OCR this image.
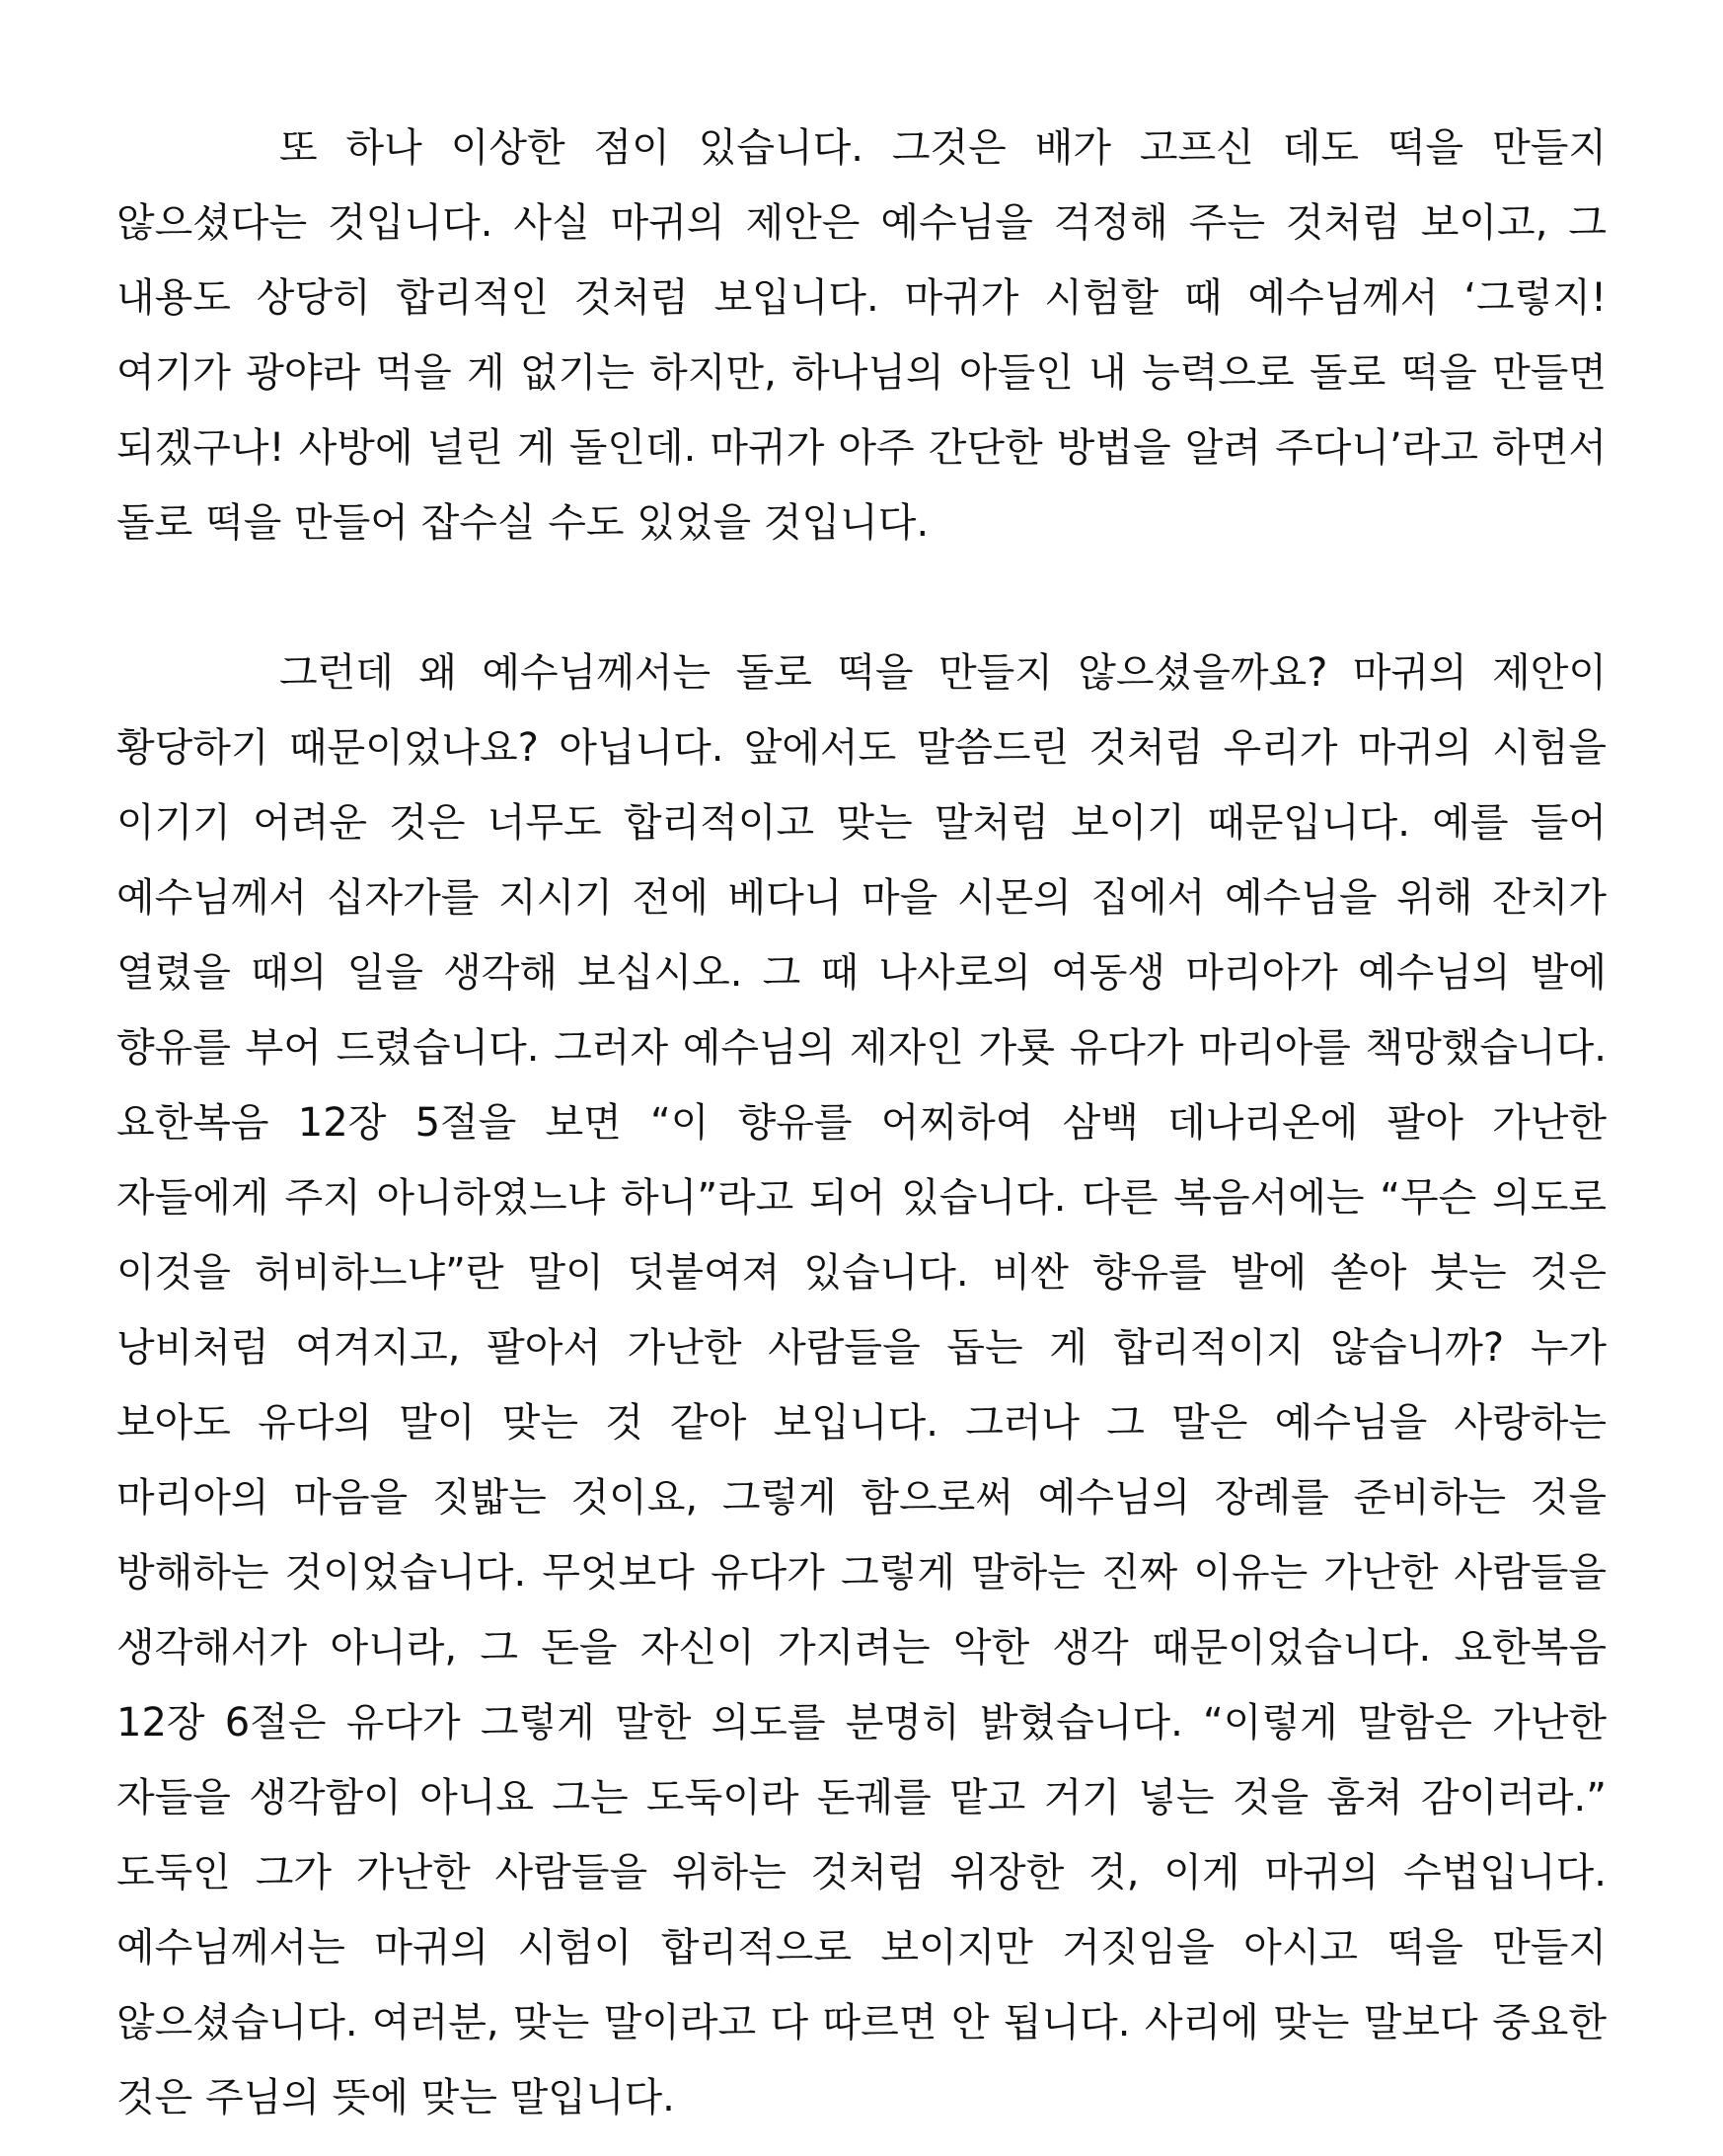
또 하나 이상한 점이 있습니다. 그것은 배가 고프신 데도 떡을 만들지 않으셨다는 것입니다. 사실 마귀의 제안은 예수님을 걱정해 주는 것처럼 보이고, 그 내용도 상당히 합리적인 것처럼 보입니다. 마귀가 시험할 때 예수님께서 ‘그렇지! 여기가 광야라 먹을 게 없기는 하지만, 하나님의 아들인 내 능력으로 돌로 떡을 만들면 되겠구나! 사방에 널린 게 돌인데. 마귀가 아주 간단한 방법을 알려 주다니’라고 하면서 돌로 떡을 만들어 잡수실 수도 있었을 것입니다.

그런데 왜 예수님께서는 돌로 떡을 만들지 않으셨을까요? 마귀의 제안이 황당하기 때문이었나요? 아닙니다. 앞에서도 말씀드린 것처럼 우리가 마귀의 시험을 이기기 어려운 것은 너무도 합리적이고 맞는 말처럼 보이기 때문입니다. 예를 들어 예수님께서 십자가를 지시기 전에 베다니 마을 시몬의 집에서 예수님을 위해 잔치가 열렸을 때의 일을 생각해 보십시오. 그 때 나사로의 여동생 마리아가 예수님의 발에 향유를 부어 드렸습니다. 그러자 예수님의 제자인 가룟 유다가 마리아를 책망했습니다. 요한복음 12장 5절을 보면 “이 향유를 어찌하여 삼백 데나리온에 팔아 가난한 자들에게 주지 아니하였느냐 하니”라고 되어 있습니다. 다른 복음서에는 “무슨 의도로 이것을 허비하느냐”란 말이 덧붙여져 있습니다. 비싼 향유를 발에 쏟아 붓는 것은 낭비처럼 여겨지고, 팔아서 가난한 사람들을 돕는 게 합리적이지 않습니까? 누가 보아도 유다의 말이 맞는 것 같아 보입니다. 그러나 그 말은 예수님을 사랑하는 마리아의 마음을 짓밟는 것이요, 그렇게 함으로써 예수님의 장례를 준비하는 것을 방해하는 것이었습니다. 무엇보다 유다가 그렇게 말하는 진짜 이유는 가난한 사람들을 생각해서가 아니라, 그 돈을 자신이 가지려는 악한 생각 때문이었습니다. 요한복음 12장 6절은 유다가 그렇게 말한 의도를 분명히 밝혔습니다. “이렇게 말함은 가난한 자들을 생각함이 아니요 그는 도둑이라 돈궤를 맡고 거기 넣는 것을 훔쳐 감이러라.” 도둑인 그가 가난한 사람들을 위하는 것처럼 위장한 것, 이게 마귀의 수법입니다. 예수님께서는 마귀의 시험이 합리적으로 보이지만 거짓임을 아시고 떡을 만들지 않으셨습니다. 여러분, 맞는 말이라고 다 따르면 안 됩니다. 사리에 맞는 말보다 중요한 것은 주님의 뜻에 맞는 말입니다.
